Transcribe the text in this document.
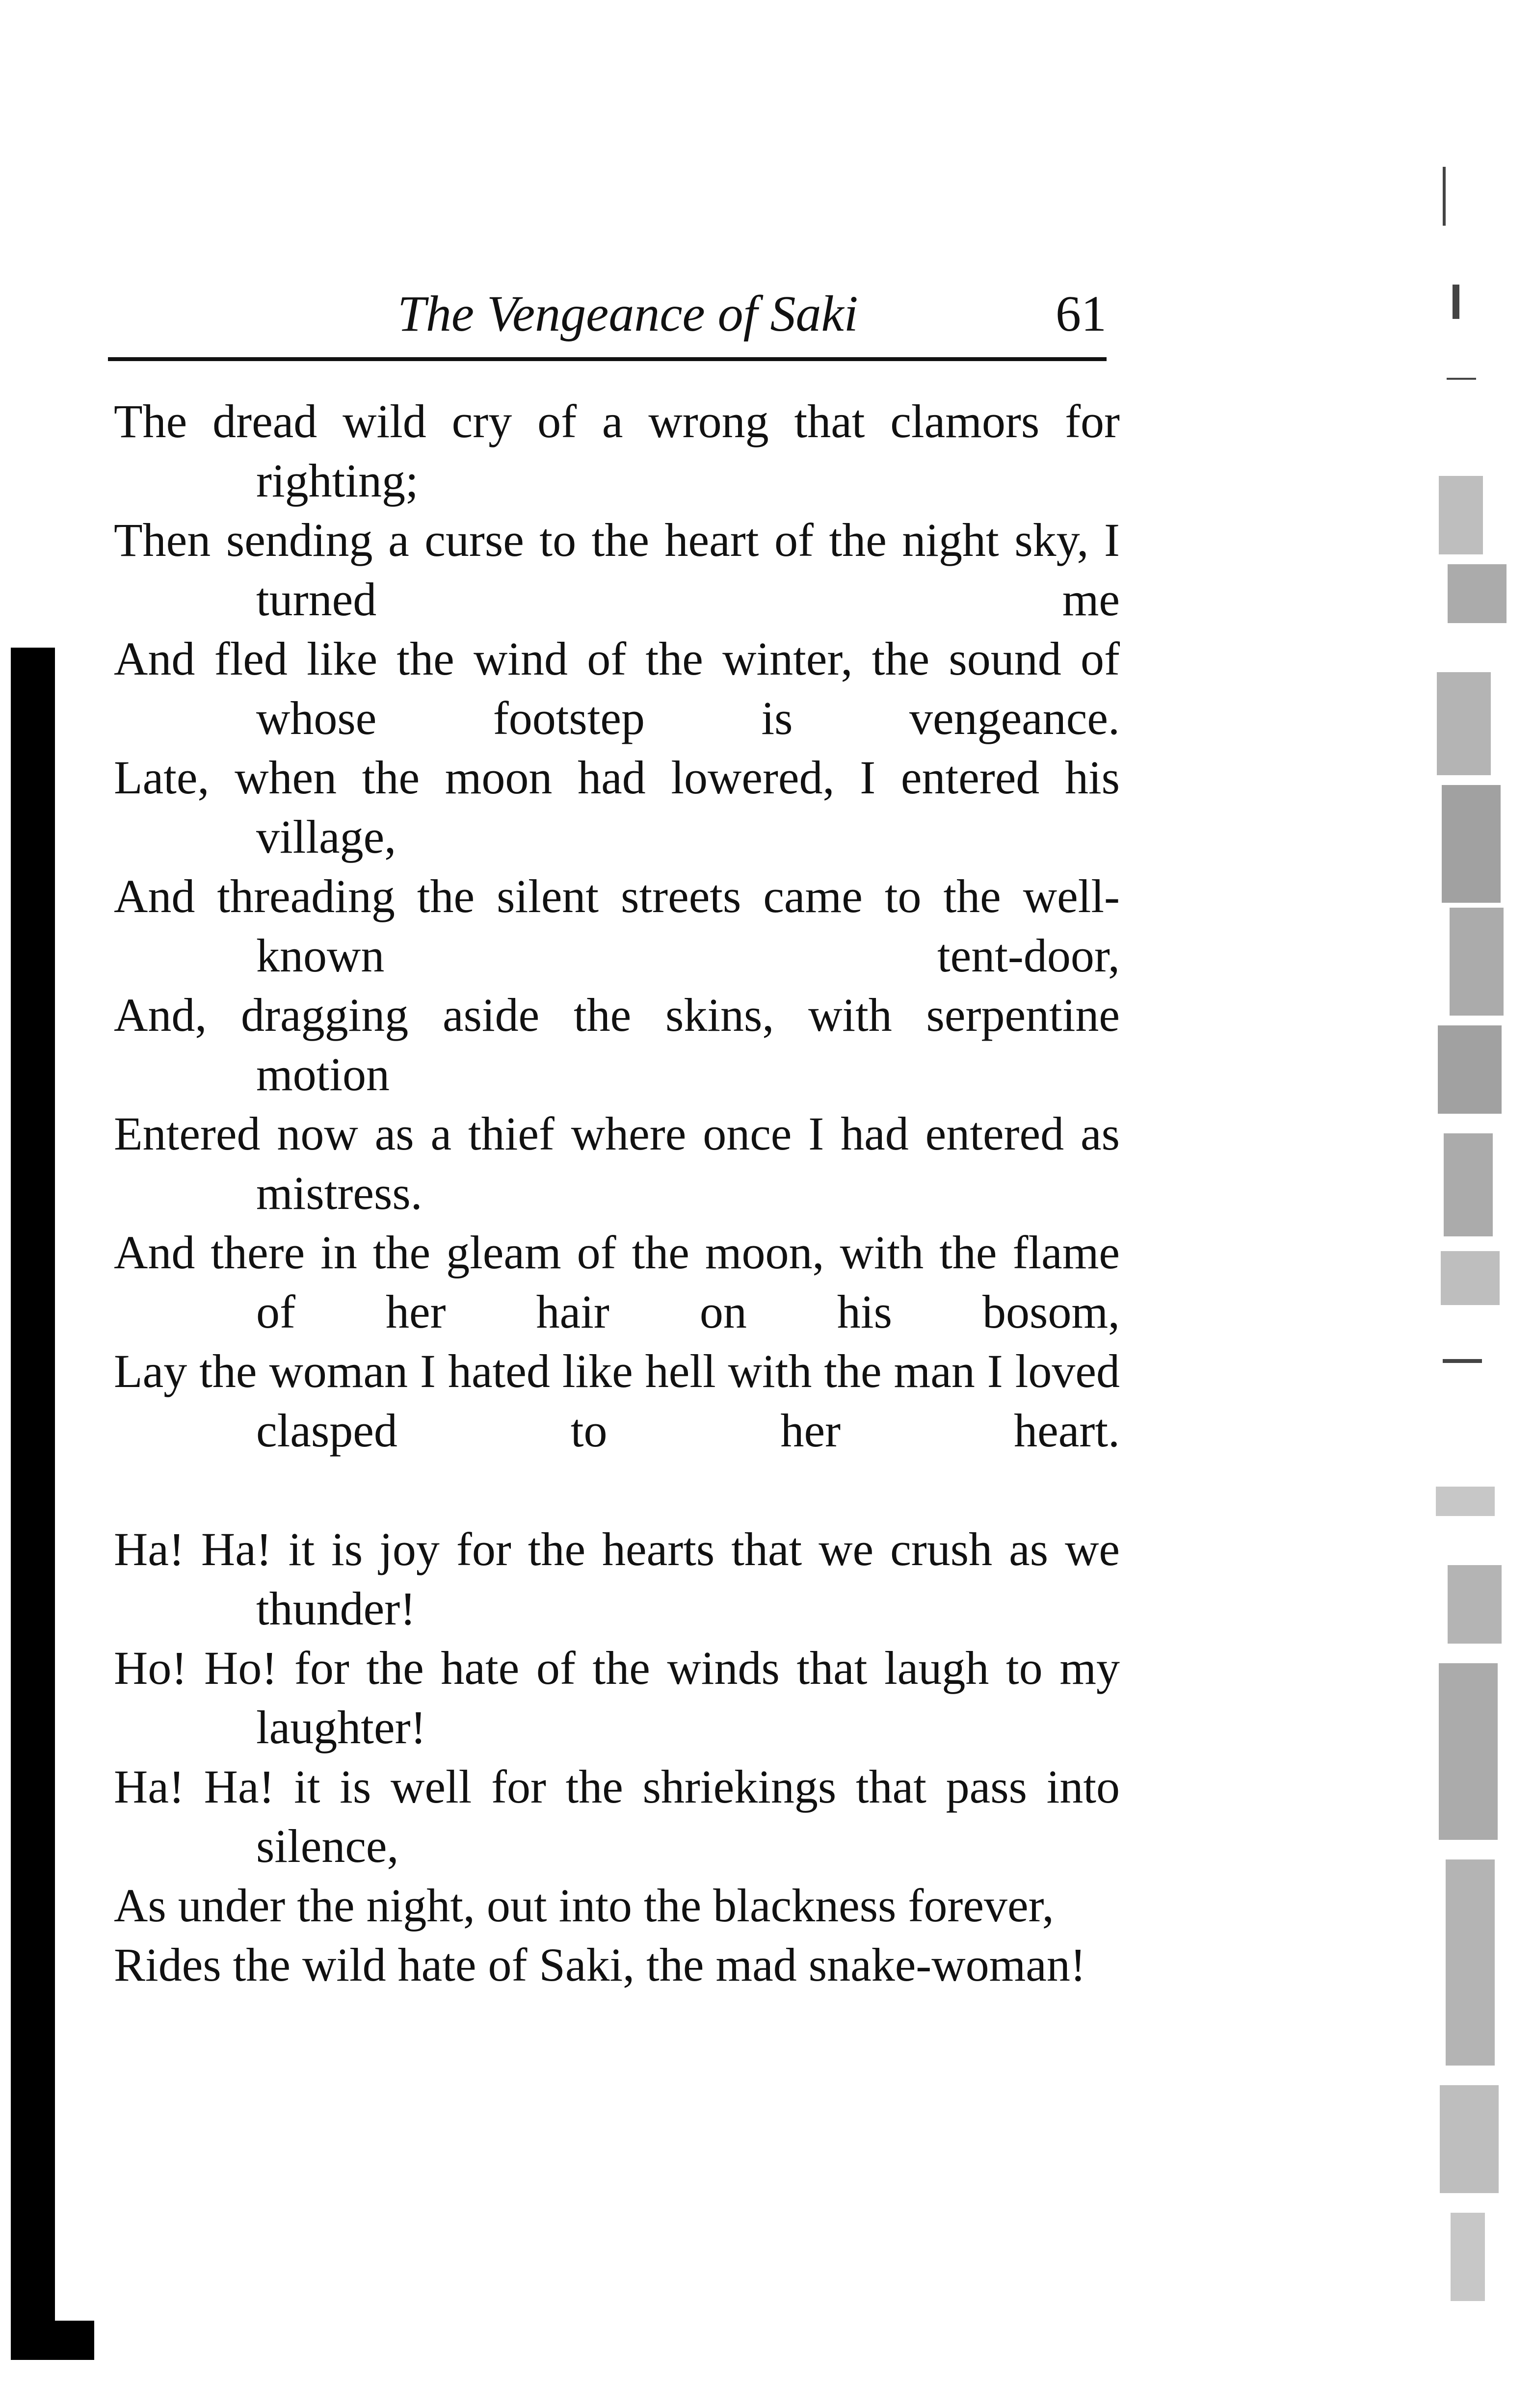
The Vengeance of Saki	61
The dread wild cry of a wrong that clamors for righting;
Then sending a curse to the heart of the night sky, I turned me
And fled like the wind of the winter, the sound of whose footstep is vengeance.
Late, when the moon had lowered, I entered his village,
And threading the silent streets came to the well-known tent-door,
And, dragging aside the skins, with serpentine motion
Entered now as a thief where once I had entered as mistress.
And there in the gleam of the moon, with the flame of her hair on his bosom,
Lay the woman I hated like hell with the man I loved clasped to her heart.
Ha! Ha! it is joy for the hearts that we crush as we thunder!
Ho! Ho! for the hate of the winds that laugh to my laughter!
Ha! Ha! it is well for the shriekings that pass into silence,
As under the night, out into the blackness forever,
Rides the wild hate of Saki, the mad snake-woman!
